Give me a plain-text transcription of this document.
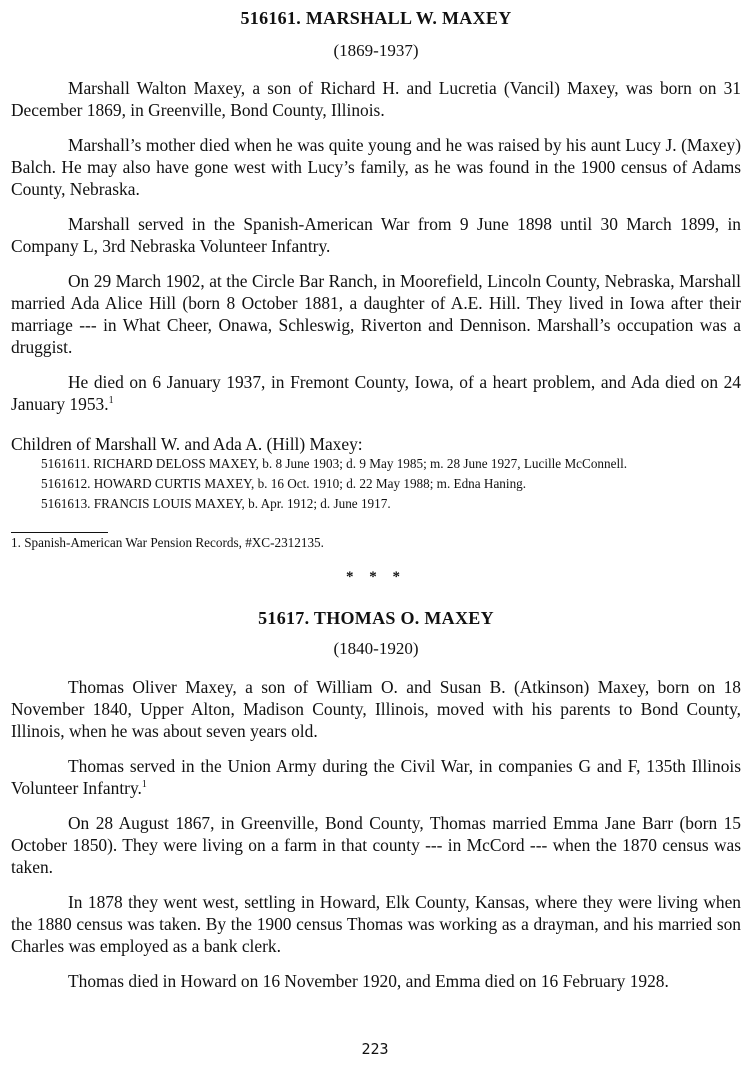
516161. MARSHALL W. MAXEY
(1869-1937)

Marshall Walton Maxey, a son of Richard H. and Lucretia (Vancil) Maxey, was born on 31 December 1869, in Greenville, Bond County, Illinois.

Marshall’s mother died when he was quite young and he was raised by his aunt Lucy J. (Maxey) Balch. He may also have gone west with Lucy’s family, as he was found in the 1900 census of Adams County, Nebraska.

Marshall served in the Spanish-American War from 9 June 1898 until 30 March 1899, in Company L, 3rd Nebraska Volunteer Infantry.

On 29 March 1902, at the Circle Bar Ranch, in Moorefield, Lincoln County, Nebraska, Marshall married Ada Alice Hill (born 8 October 1881, a daughter of A.E. Hill. They lived in Iowa after their marriage --- in What Cheer, Onawa, Schleswig, Riverton and Dennison. Marshall’s occupation was a druggist.

He died on 6 January 1937, in Fremont County, Iowa, of a heart problem, and Ada died on 24 January 1953.$^1$

Children of Marshall W. and Ada A. (Hill) Maxey:
5161611. RICHARD DELOSS MAXEY, b. 8 June 1903; d. 9 May 1985; m. 28 June 1927, Lucille McConnell.
5161612. HOWARD CURTIS MAXEY, b. 16 Oct. 1910; d. 22 May 1988; m. Edna Haning.
5161613. FRANCIS LOUIS MAXEY, b. Apr. 1912; d. June 1917.
1. Spanish-American War Pension Records, #XC-2312135.
* * *
51617. THOMAS O. MAXEY
(1840-1920)

Thomas Oliver Maxey, a son of William O. and Susan B. (Atkinson) Maxey, born on 18 November 1840, Upper Alton, Madison County, Illinois, moved with his parents to Bond County, Illinois, when he was about seven years old.

Thomas served in the Union Army during the Civil War, in companies G and F, 135th Illinois Volunteer Infantry.$^1$

On 28 August 1867, in Greenville, Bond County, Thomas married Emma Jane Barr (born 15 October 1850). They were living on a farm in that county --- in McCord --- when the 1870 census was taken.

In 1878 they went west, settling in Howard, Elk County, Kansas, where they were living when the 1880 census was taken. By the 1900 census Thomas was working as a drayman, and his married son Charles was employed as a bank clerk.

Thomas died in Howard on 16 November 1920, and Emma died on 16 February 1928.

223
